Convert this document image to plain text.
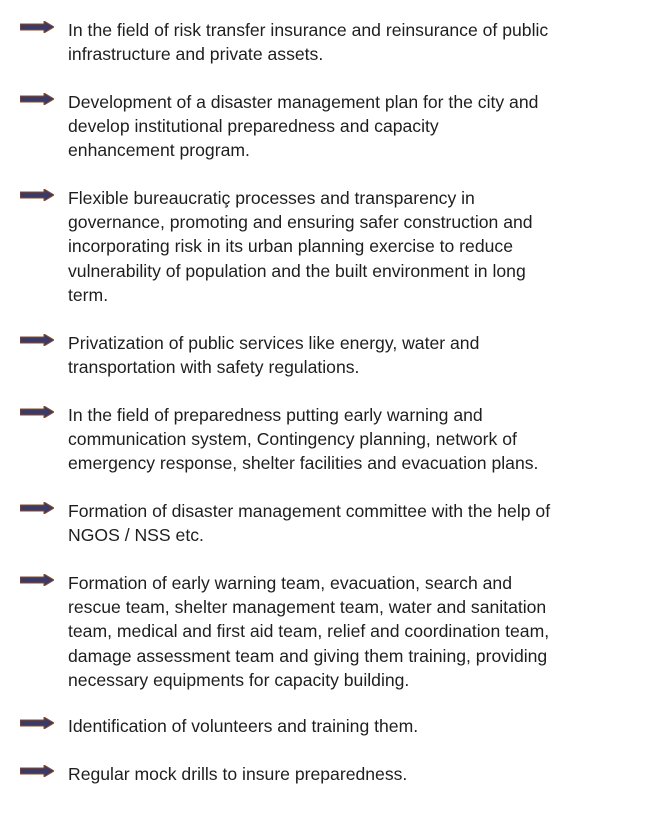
In the field of risk transfer insurance and reinsurance of public
infrastructure and private assets.
Development of a disaster management plan for the city and
develop institutional preparedness and capacity
enhancement program.
Flexible bureaucratiç processes and transparency in
governance, promoting and ensuring safer construction and
incorporating risk in its urban planning exercise to reduce
vulnerability of population and the built environment in long
term.
Privatization of public services like energy, water and
transportation with safety regulations.
In the field of preparedness putting early warning and
communication system, Contingency planning, network of
emergency response, shelter facilities and evacuation plans.
Formation of disaster management committee with the help of
NGOS / NSS etc.
Formation of early warning team, evacuation, search and
rescue team, shelter management team, water and sanitation
team, medical and first aid team, relief and coordination team,
damage assessment team and giving them training, providing
necessary equipments for capacity building.
Identification of volunteers and training them.
Regular mock drills to insure preparedness.
